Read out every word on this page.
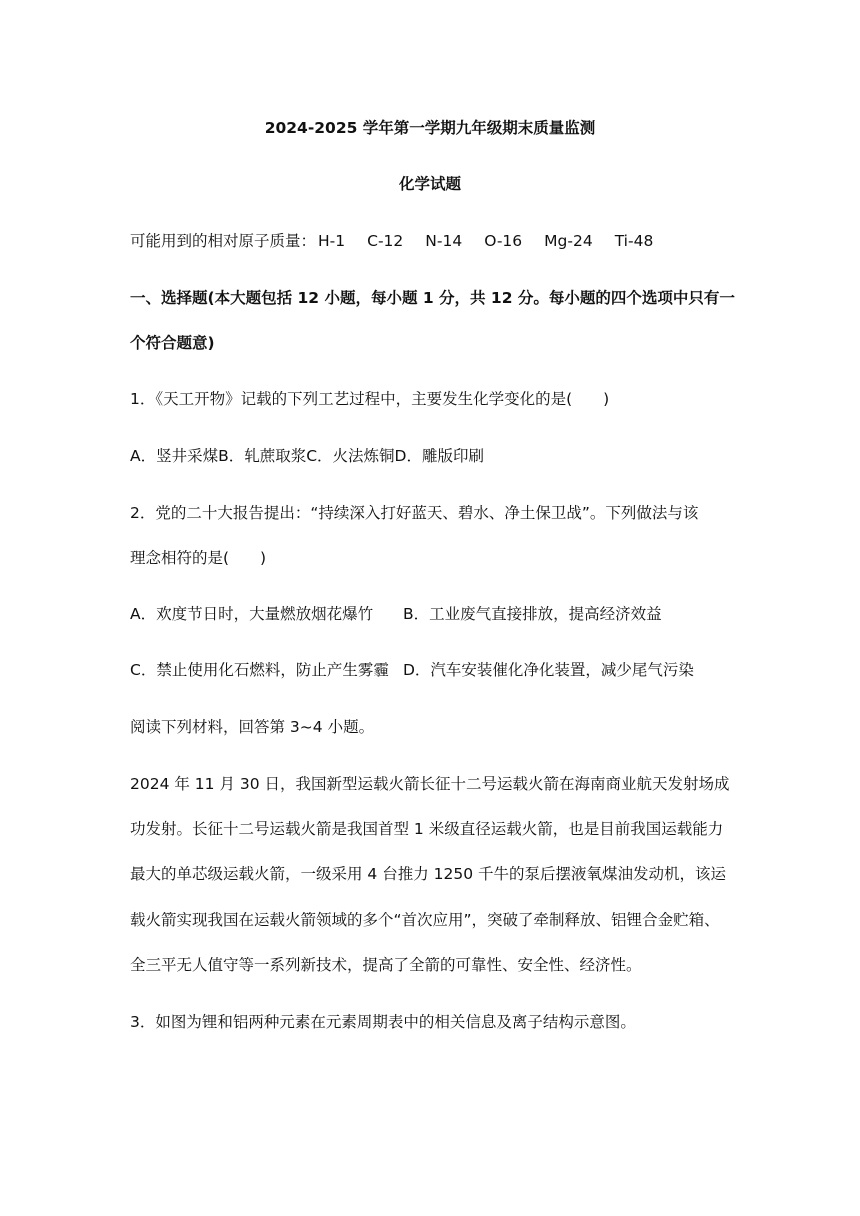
2024-2025 学年第一学期九年级期末质量监测
化学试题
可能用到的相对原子质量： H-1 C-12 N-14 O-16 Mg-24 Ti-48
一、选择题(本大题包括 12 小题，每小题 1 分，共 12 分。每小题的四个选项中只有一
个符合题意)
1．《天工开物》记载的下列工艺过程中，主要发生化学变化的是(　　)
A．竖井采煤B．轧蔗取浆C．火法炼铜D．雕版印刷
2．党的二十大报告提出：“持续深入打好蓝天、碧水、净土保卫战”。下列做法与该
理念相符的是(　　)
A．欢度节日时，大量燃放烟花爆竹 B．工业废气直接排放，提高经济效益
C．禁止使用化石燃料，防止产生雾霾 D．汽车安装催化净化装置，减少尾气污染
阅读下列材料，回答第 3~4 小题。
2024 年 11 月 30 日，我国新型运载火箭长征十二号运载火箭在海南商业航天发射场成
功发射。长征十二号运载火箭是我国首型 1 米级直径运载火箭，也是目前我国运载能力
最大的单芯级运载火箭，一级采用 4 台推力 1250 千牛的泵后摆液氧煤油发动机，该运
载火箭实现我国在运载火箭领域的多个“首次应用”，突破了牵制释放、铝锂合金贮箱、
全三平无人值守等一系列新技术，提高了全箭的可靠性、安全性、经济性。
3．如图为锂和铝两种元素在元素周期表中的相关信息及离子结构示意图。
